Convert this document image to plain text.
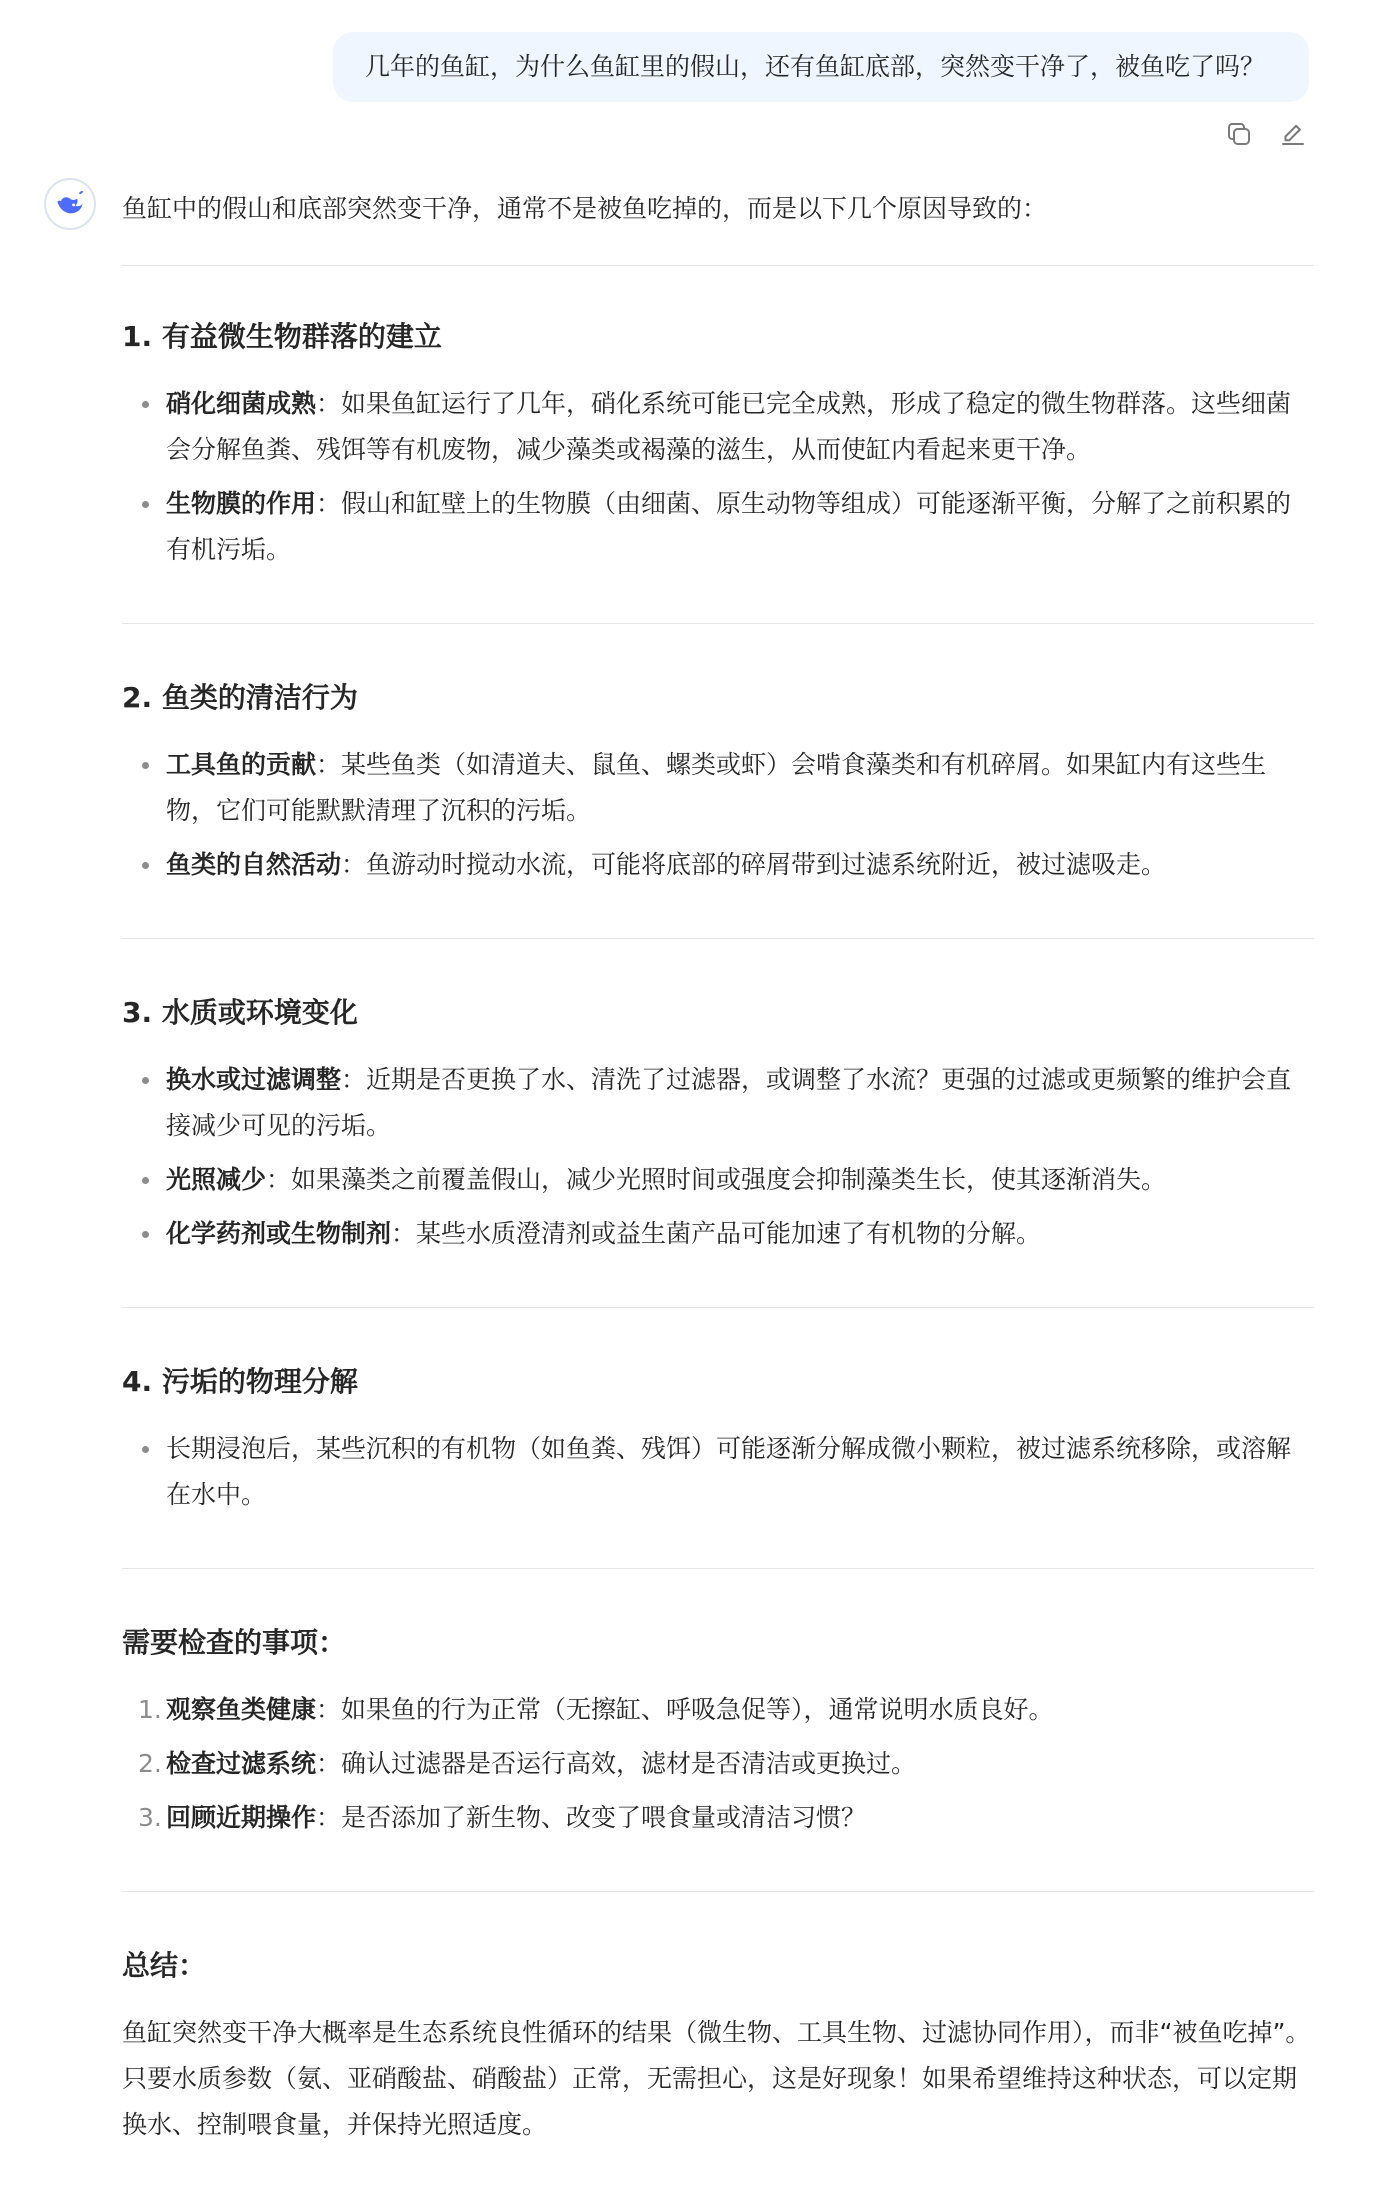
几年的鱼缸，为什么鱼缸里的假山，还有鱼缸底部，突然变干净了，被鱼吃了吗？

鱼缸中的假山和底部突然变干净，通常不是被鱼吃掉的，而是以下几个原因导致的：

1. 有益微生物群落的建立
硝化细菌成熟：如果鱼缸运行了几年，硝化系统可能已完全成熟，形成了稳定的微生物群落。这些细菌会分解鱼粪、残饵等有机废物，减少藻类或褐藻的滋生，从而使缸内看起来更干净。
生物膜的作用：假山和缸壁上的生物膜（由细菌、原生动物等组成）可能逐渐平衡，分解了之前积累的有机污垢。
2. 鱼类的清洁行为
工具鱼的贡献：某些鱼类（如清道夫、鼠鱼、螺类或虾）会啃食藻类和有机碎屑。如果缸内有这些生物，它们可能默默清理了沉积的污垢。
鱼类的自然活动：鱼游动时搅动水流，可能将底部的碎屑带到过滤系统附近，被过滤吸走。
3. 水质或环境变化
换水或过滤调整：近期是否更换了水、清洗了过滤器，或调整了水流？更强的过滤或更频繁的维护会直接减少可见的污垢。
光照减少：如果藻类之前覆盖假山，减少光照时间或强度会抑制藻类生长，使其逐渐消失。
化学药剂或生物制剂：某些水质澄清剂或益生菌产品可能加速了有机物的分解。
4. 污垢的物理分解
长期浸泡后，某些沉积的有机物（如鱼粪、残饵）可能逐渐分解成微小颗粒，被过滤系统移除，或溶解在水中。
需要检查的事项：
1. 观察鱼类健康：如果鱼的行为正常（无擦缸、呼吸急促等），通常说明水质良好。
2. 检查过滤系统：确认过滤器是否运行高效，滤材是否清洁或更换过。
3. 回顾近期操作：是否添加了新生物、改变了喂食量或清洁习惯？
总结：

鱼缸突然变干净大概率是生态系统良性循环的结果（微生物、工具生物、过滤协同作用），而非“被鱼吃掉”。只要水质参数（氨、亚硝酸盐、硝酸盐）正常，无需担心，这是好现象！如果希望维持这种状态，可以定期换水、控制喂食量，并保持光照适度。
